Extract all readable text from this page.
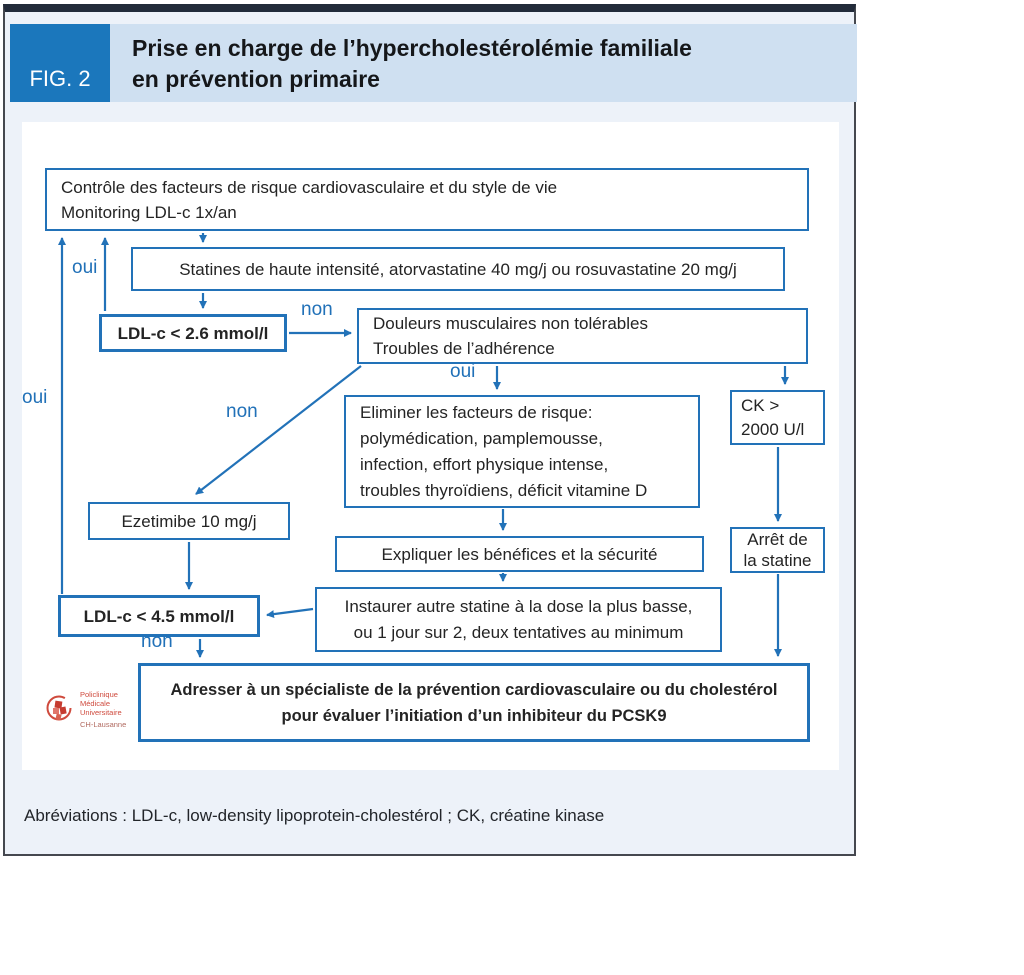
FIG. 2
Prise en charge de l’hypercholestérolémie familiale
en prévention primaire
Contrôle des facteurs de risque cardiovasculaire et du style de vie
Monitoring LDL-c 1x/an
Statines de haute intensité, atorvastatine 40 mg/j ou rosuvastatine 20 mg/j
LDL-c < 2.6 mmol/l	Douleurs musculaires non tolérables
Troubles de l’adhérence
Eliminer les facteurs de risque:
polymédication, pamplemousse,
infection, effort physique intense,
troubles thyroïdiens, déficit vitamine D
CK >
2000 U/l
Ezetimibe 10 mg/j
Expliquer les bénéfices et la sécurité
Arrêt de
la statine
Instaurer autre statine à la dose la plus basse,
ou 1 jour sur 2, deux tentatives au minimum
LDL-c < 4.5 mmol/l
Adresser à un spécialiste de la prévention cardiovasculaire ou du cholestérol
pour évaluer l’initiation d’un inhibiteur du PCSK9
oui
oui
non
oui
non
non
Policlinique
Médicale
Universitaire
CH-Lausanne
Abréviations : LDL-c, low-density lipoprotein-cholestérol ; CK, créatine kinase
